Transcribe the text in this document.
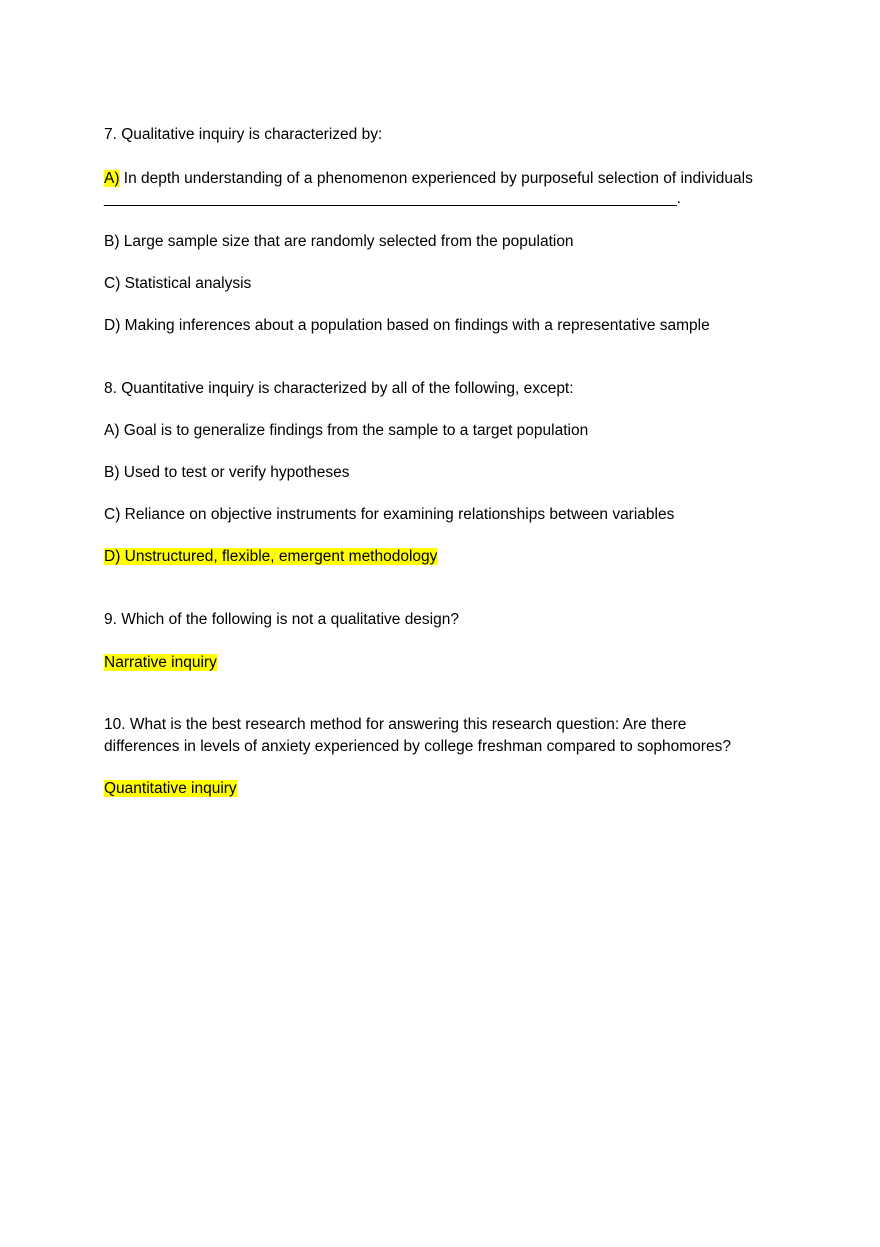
7. Qualitative inquiry is characterized by:
A) In depth understanding of a phenomenon experienced by purposeful selection of individuals
____________________________________________________________________.
B) Large sample size that are randomly selected from the population
C) Statistical analysis
D) Making inferences about a population based on findings with a representative sample
8. Quantitative inquiry is characterized by all of the following, except:
A) Goal is to generalize findings from the sample to a target population
B) Used to test or verify hypotheses
C) Reliance on objective instruments for examining relationships between variables
D) Unstructured, flexible, emergent methodology
9. Which of the following is not a qualitative design?
Narrative inquiry
10. What is the best research method for answering this research question: Are there
differences in levels of anxiety experienced by college freshman compared to sophomores?
Quantitative inquiry
